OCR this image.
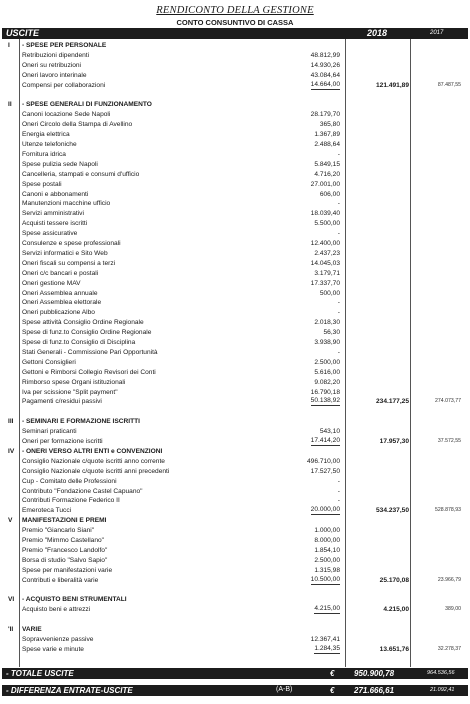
RENDICONTO DELLA GESTIONE
CONTO CONSUNTIVO DI CASSA
USCITE	2018	2017
I - SPESE PER PERSONALE
Retribuzioni dipendenti	48.812,99
Oneri su retribuzioni	14.930,26
Oneri lavoro interinale	43.084,64
Compensi per collaborazioni	14.664,00	121.491,89	87.487,55
II - SPESE GENERALI DI FUNZIONAMENTO
Canoni locazione Sede Napoli	28.179,70
Oneri Circolo della Stampa di Avellino	365,80
Energia elettrica	1.367,89
Utenze telefoniche	2.488,64
Fornitura idrica	-
Spese pulizia sede Napoli	5.849,15
Cancelleria, stampati e consumi d'ufficio	4.716,20
Spese postali	27.001,00
Canoni e abbonamenti	606,00
Manutenzioni macchine ufficio	-
Servizi amministrativi	18.039,40
Acquisti tessere iscritti	5.500,00
Spese assicurative	-
Consulenze e spese professionali	12.400,00
Servizi informatici e Sito Web	2.437,23
Oneri fiscali su compensi a terzi	14.045,03
Oneri c/c bancari e postali	3.179,71
Oneri gestione MAV	17.337,70
Oneri Assemblea annuale	500,00
Oneri Assemblea elettorale	-
Oneri pubblicazione Albo	-
Spese attività Consiglio Ordine Regionale	2.018,30
Spese di funz.to Consiglio Ordine Regionale	56,30
Spese di funz.to Consiglio di Disciplina	3.938,90
Stati Generali - Commissione Pari Opportunità	-
Gettoni Consiglieri	2.500,00
Gettoni e Rimborsi Collegio Revisori dei Conti	5.616,00
Rimborso spese Organi istituzionali	9.082,20
Iva per scissione "Split payment"	16.790,18
Pagamenti c/residui passivi	50.138,92	234.177,25	274.073,77
III - SEMINARI E FORMAZIONE ISCRITTI
Seminari praticanti	543,10
Oneri per formazione iscritti	17.414,20	17.957,30	37.572,55
IV - ONERI VERSO ALTRI ENTI e CONVENZIONI
Consiglio Nazionale c/quote iscritti anno corrente	496.710,00
Consiglio Nazionale c/quote iscritti anni precedenti	17.527,50
Cup - Comitato delle Professioni	-
Contributo "Fondazione Castel Capuano"	-
Contributi Formazione Federico II	-
Emeroteca Tucci	20.000,00	534.237,50	528.878,93
V MANIFESTAZIONI E PREMI
Premio "Giancarlo Siani"	1.000,00
Premio "Mimmo Castellano"	8.000,00
Premio "Francesco Landolfo"	1.854,10
Borsa di studio "Salvo Sapio"	2.500,00
Spese per manifestazioni varie	1.315,98
Contributi e liberalità varie	10.500,00	25.170,08	23.966,79
VI - ACQUISTO BENI STRUMENTALI
Acquisto beni e attrezzi	4.215,00	4.215,00	389,00
'II VARIE
Sopravvenienze passive	12.367,41
Spese varie e minute	1.284,35	13.651,76	32.278,37
- TOTALE USCITE	€ 950.900,78	964.536,56
- DIFFERENZA ENTRATE-USCITE	(A-B)	€ 271.666,61	21.092,41
